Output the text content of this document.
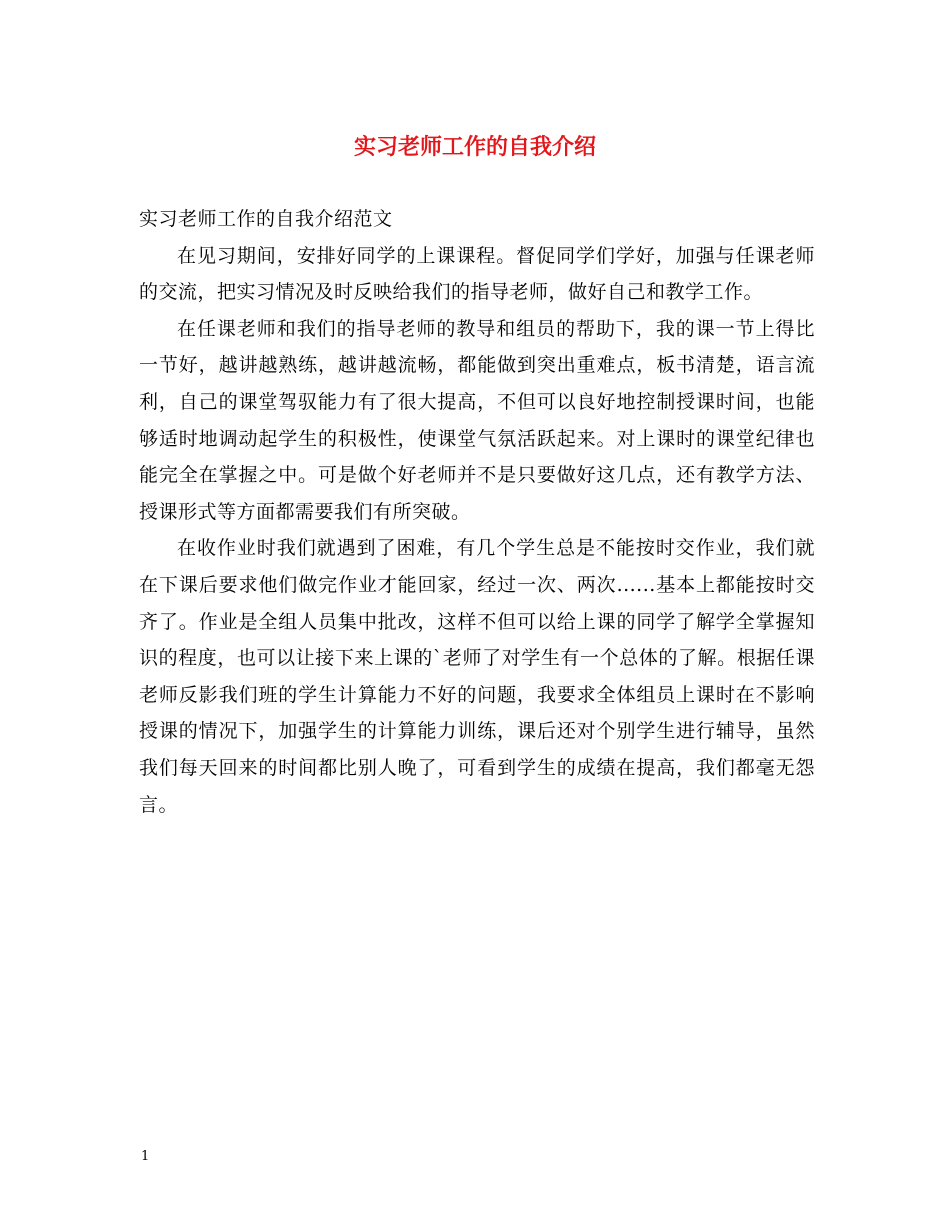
实习老师工作的自我介绍

实习老师工作的自我介绍范文

在见习期间，安排好同学的上课课程。督促同学们学好，加强与任课老师的交流，把实习情况及时反映给我们的指导老师，做好自己和教学工作。

在任课老师和我们的指导老师的教导和组员的帮助下，我的课一节上得比一节好，越讲越熟练，越讲越流畅，都能做到突出重难点，板书清楚，语言流利，自己的课堂驾驭能力有了很大提高，不但可以良好地控制授课时间，也能够适时地调动起学生的积极性，使课堂气氛活跃起来。对上课时的课堂纪律也能完全在掌握之中。可是做个好老师并不是只要做好这几点，还有教学方法、授课形式等方面都需要我们有所突破。

在收作业时我们就遇到了困难，有几个学生总是不能按时交作业，我们就在下课后要求他们做完作业才能回家，经过一次、两次......基本上都能按时交齐了。作业是全组人员集中批改，这样不但可以给上课的同学了解学全掌握知识的程度，也可以让接下来上课的`老师了对学生有一个总体的了解。根据任课老师反影我们班的学生计算能力不好的问题，我要求全体组员上课时在不影响授课的情况下，加强学生的计算能力训练，课后还对个别学生进行辅导，虽然我们每天回来的时间都比别人晚了，可看到学生的成绩在提高，我们都毫无怨言。

1
